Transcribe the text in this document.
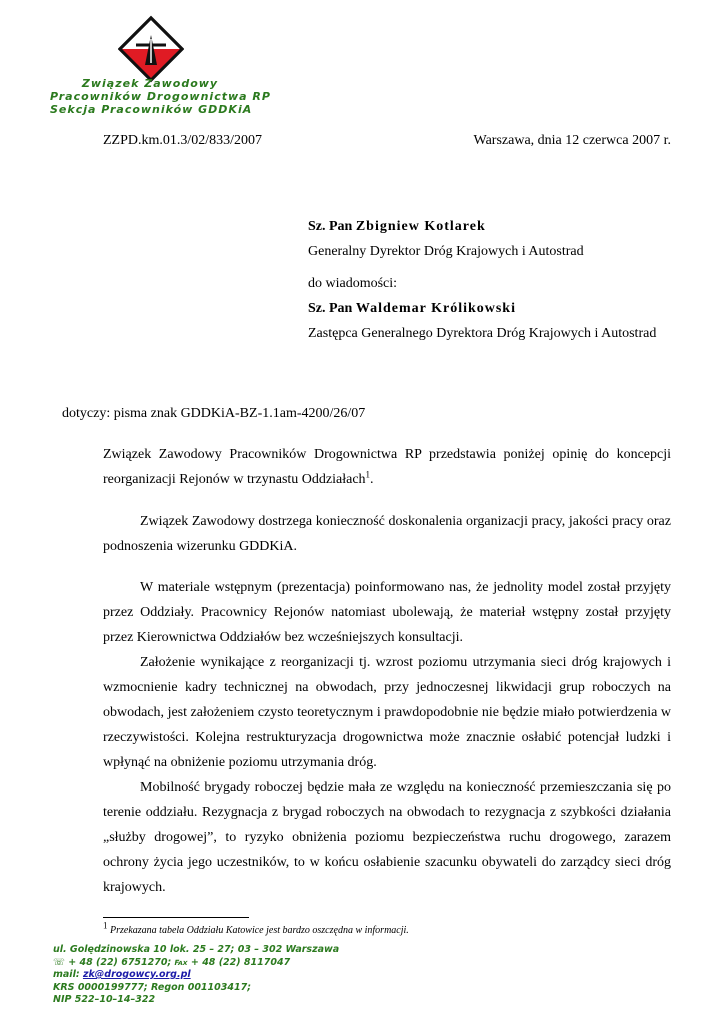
Związek Zawodowy
Pracowników Drogownictwa RP
Sekcja Pracowników GDDKiA
ZZPD.km.01.3/02/833/2007	Warszawa, dnia 12 czerwca 2007 r.
Sz. Pan Zbigniew Kotlarek
Generalny Dyrektor Dróg Krajowych i Autostrad
do wiadomości:
Sz. Pan Waldemar Królikowski
Zastępca Generalnego Dyrektora Dróg Krajowych i Autostrad
dotyczy: pisma znak GDDKiA-BZ-1.1am-4200/26/07
Związek Zawodowy Pracowników Drogownictwa RP przedstawia poniżej opinię do koncepcji reorganizacji Rejonów w trzynastu Oddziałach$^1$.
Związek Zawodowy dostrzega konieczność doskonalenia organizacji pracy, jakości pracy oraz podnoszenia wizerunku GDDKiA.
W materiale wstępnym (prezentacja) poinformowano nas, że jednolity model został przyjęty przez Oddziały. Pracownicy Rejonów natomiast ubolewają, że materiał wstępny został przyjęty przez Kierownictwa Oddziałów bez wcześniejszych konsultacji.
Założenie wynikające z reorganizacji tj. wzrost poziomu utrzymania sieci dróg krajowych i wzmocnienie kadry technicznej na obwodach, przy jednoczesnej likwidacji grup roboczych na obwodach, jest założeniem czysto teoretycznym i prawdopodobnie nie będzie miało potwierdzenia w rzeczywistości. Kolejna restrukturyzacja drogownictwa może znacznie osłabić potencjał ludzki i wpłynąć na obniżenie poziomu utrzymania dróg.
Mobilność brygady roboczej będzie mała ze względu na konieczność przemieszczania się po terenie oddziału. Rezygnacja z brygad roboczych na obwodach to rezygnacja z szybkości działania „służby drogowej”, to ryzyko obniżenia poziomu bezpieczeństwa ruchu drogowego, zarazem ochrony życia jego uczestników, to w końcu osłabienie szacunku obywateli do zarządcy sieci dróg krajowych.
$^1$ Przekazana tabela Oddziału Katowice jest bardzo oszczędna w informacji.
ul. Golędzinowska 10 lok. 25 – 27; 03 – 302 Warszawa
☏ + 48 (22) 6751270; ℻ + 48 (22) 8117047
mail: zk@drogowcy.org.pl
KRS 0000199777; Regon 001103417;
NIP 522–10–14–322
